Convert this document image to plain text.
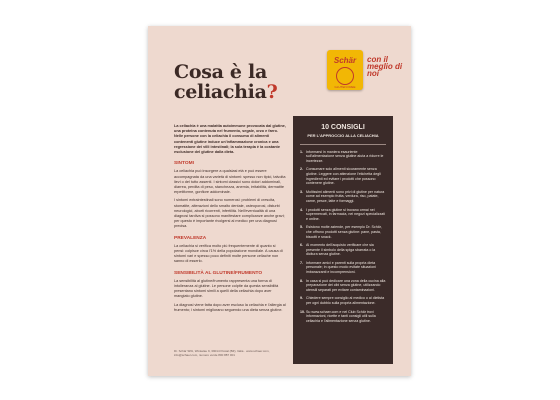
Cosa è la celiachia?
Schär
GLUTEN FREE
con il meglio di noi

La celiachia è una malattia autoimmune provocata dal glutine, una proteina contenuta nel frumento, segale, orzo e farro. Nelle persone con la celiachia il consumo di alimenti contenenti glutine induce un'infiammazione cronica e una regressione dei villi intestinali; la sola terapia è la costante esclusione del glutine dalla dieta.

SINTOMI

La celiachia può insorgere a qualsiasi età e può essere accompagnata da una varietà di sintomi: spesso non tipici, talvolta lievi o del tutto assenti. I sintomi classici sono dolori addominali, diarrea, perdita di peso, stanchezza, anemia, irritabilità, dermatite erpetiforme, gonfiore addominale.

I sintomi extraintestinali sono numerosi: problemi di crescita, stomatite, alterazioni dello smalto dentale, osteoporosi, disturbi neurologici, aborti ricorrenti, infertilità. Nell'eventualità di una diagnosi tardiva si possono manifestare complicanze anche gravi; per questo è importante rivolgersi al medico per una diagnosi precisa.

PREVALENZA

La celiachia si verifica molto più frequentemente di quanto si pensi: colpisce circa l'1% della popolazione mondiale. A causa di sintomi vari e spesso poco definiti molte persone celiache non sanno di esserlo.

SENSIBILITÀ AL GLUTINE/FRUMENTO

La sensibilità al glutine/frumento rappresenta una forma di intolleranza al glutine. Le persone colpite da questa sensibilità presentano sintomi simili a quelli della celiachia dopo aver mangiato glutine.

La diagnosi viene fatta dopo aver escluso la celiachia e l'allergia al frumento; i sintomi migliorano seguendo una dieta senza glutine.

Dr. Schär SPA, Winkelau 9, 39014 Postal (BZ), Italia · www.schaer.com, info@schaer.com, numero verde 800 887 001
10 CONSIGLI
PER L'APPROCCIO ALLA CELIACHIA
1. Informarsi in maniera esauriente sull'alimentazione senza glutine aiuta a ridurre le incertezze.
2. Consumare solo alimenti sicuramente senza glutine. Leggere con attenzione l'etichetta degli ingredienti ed evitare i prodotti che possono contenere glutine.
3. Moltissimi alimenti sono privi di glutine per natura come ad esempio frutta, verdura, riso, patate, carne, pesce, latte e formaggi.
4. I prodotti senza glutine si trovano ormai nei supermercati, in farmacia, nei negozi specializzati e online.
5. Esistono molte aziende, per esempio Dr. Schär, che offrono prodotti senza glutine: pane, pasta, biscotti e snack.
6. Al momento dell'acquisto verificare che sia presente il simbolo della spiga sbarrata o la dicitura senza glutine.
7. Informare amici e parenti sulla propria dieta personale; in questo modo evitate situazioni imbarazzanti e incomprensioni.
8. In casa si può dedicare una zona della cucina alla preparazione dei cibi senza glutine, utilizzando utensili separati per evitare contaminazioni.
9. Chiedere sempre consiglio al medico o al dietista per ogni dubbio sulla propria alimentazione.
10. Su www.schaer.com e nel Club Schär trovi informazioni, ricette e tanti consigli utili sulla celiachia e l'alimentazione senza glutine.
